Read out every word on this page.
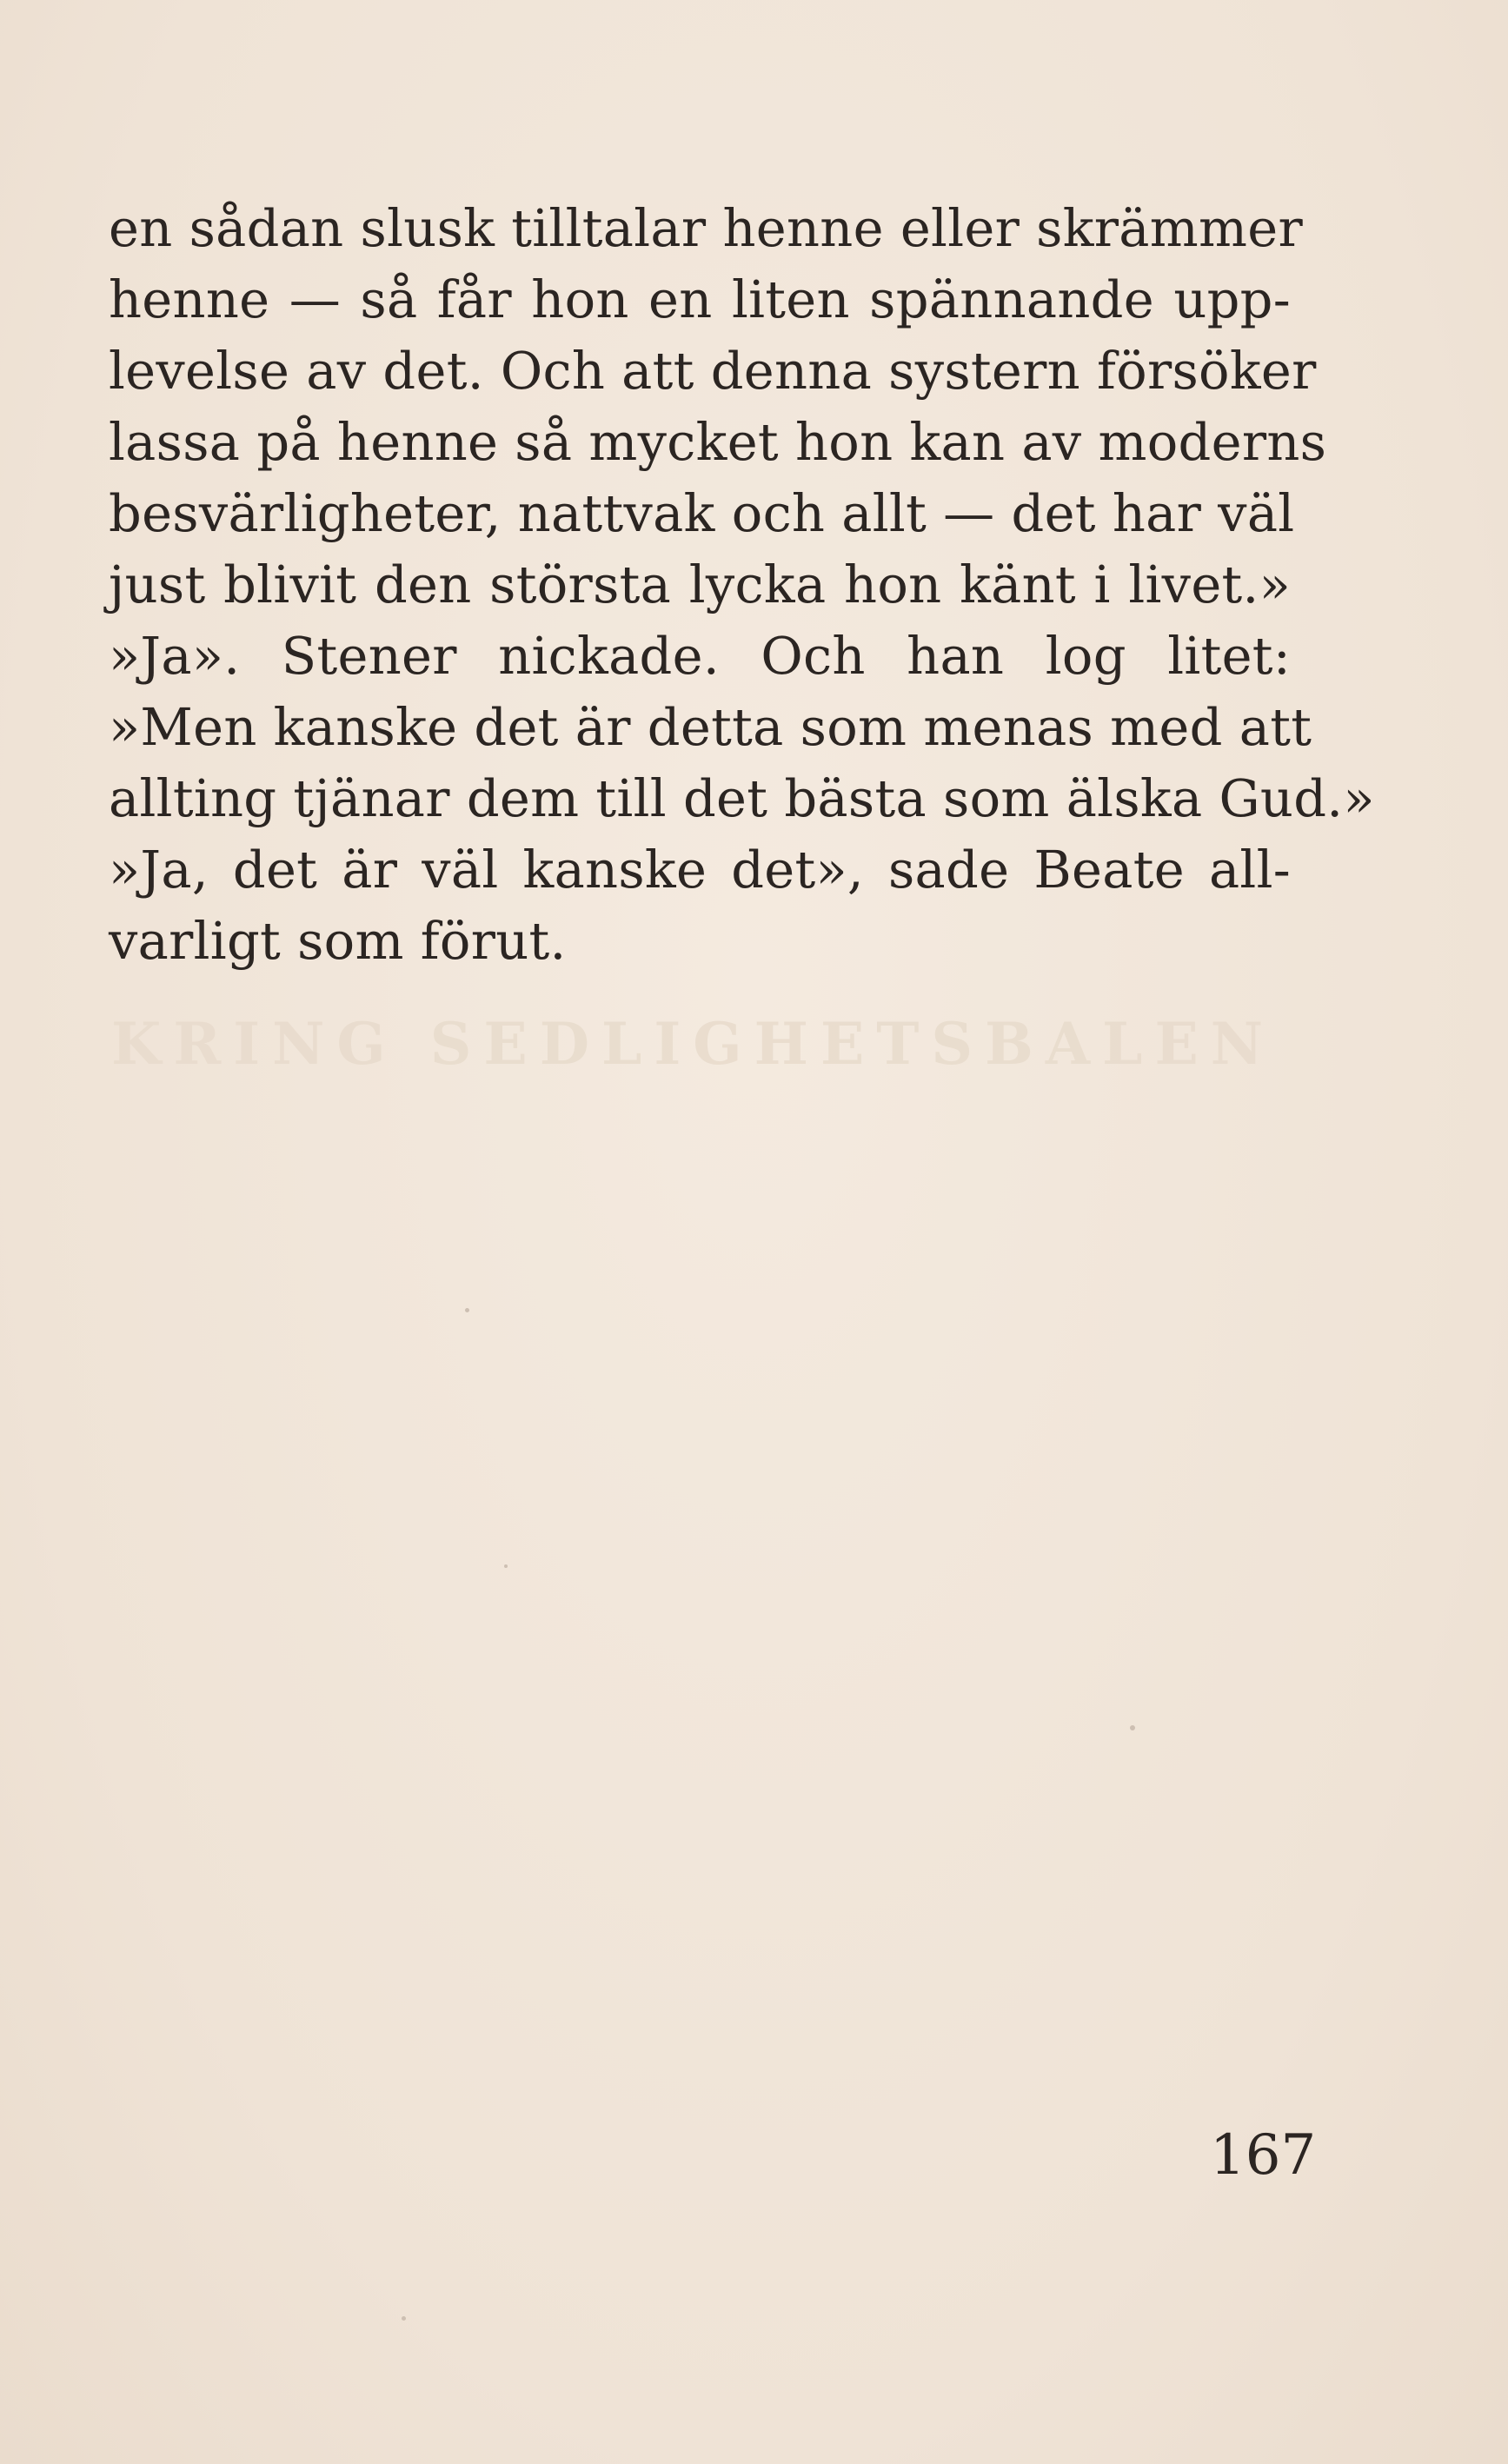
KRING SEDLIGHETSBALEN
en sådan slusk tilltalar henne eller skrämmer
henne — så får hon en liten spännande upp-
levelse av det. Och att denna systern försöker
lassa på henne så mycket hon kan av moderns
besvärligheter, nattvak och allt — det har väl
just blivit den största lycka hon känt i livet.»
»Ja». Stener nickade. Och han log litet:
»Men kanske det är detta som menas med att
allting tjänar dem till det bästa som älska Gud.»
»Ja, det är väl kanske det», sade Beate all-
varligt som förut.
167
